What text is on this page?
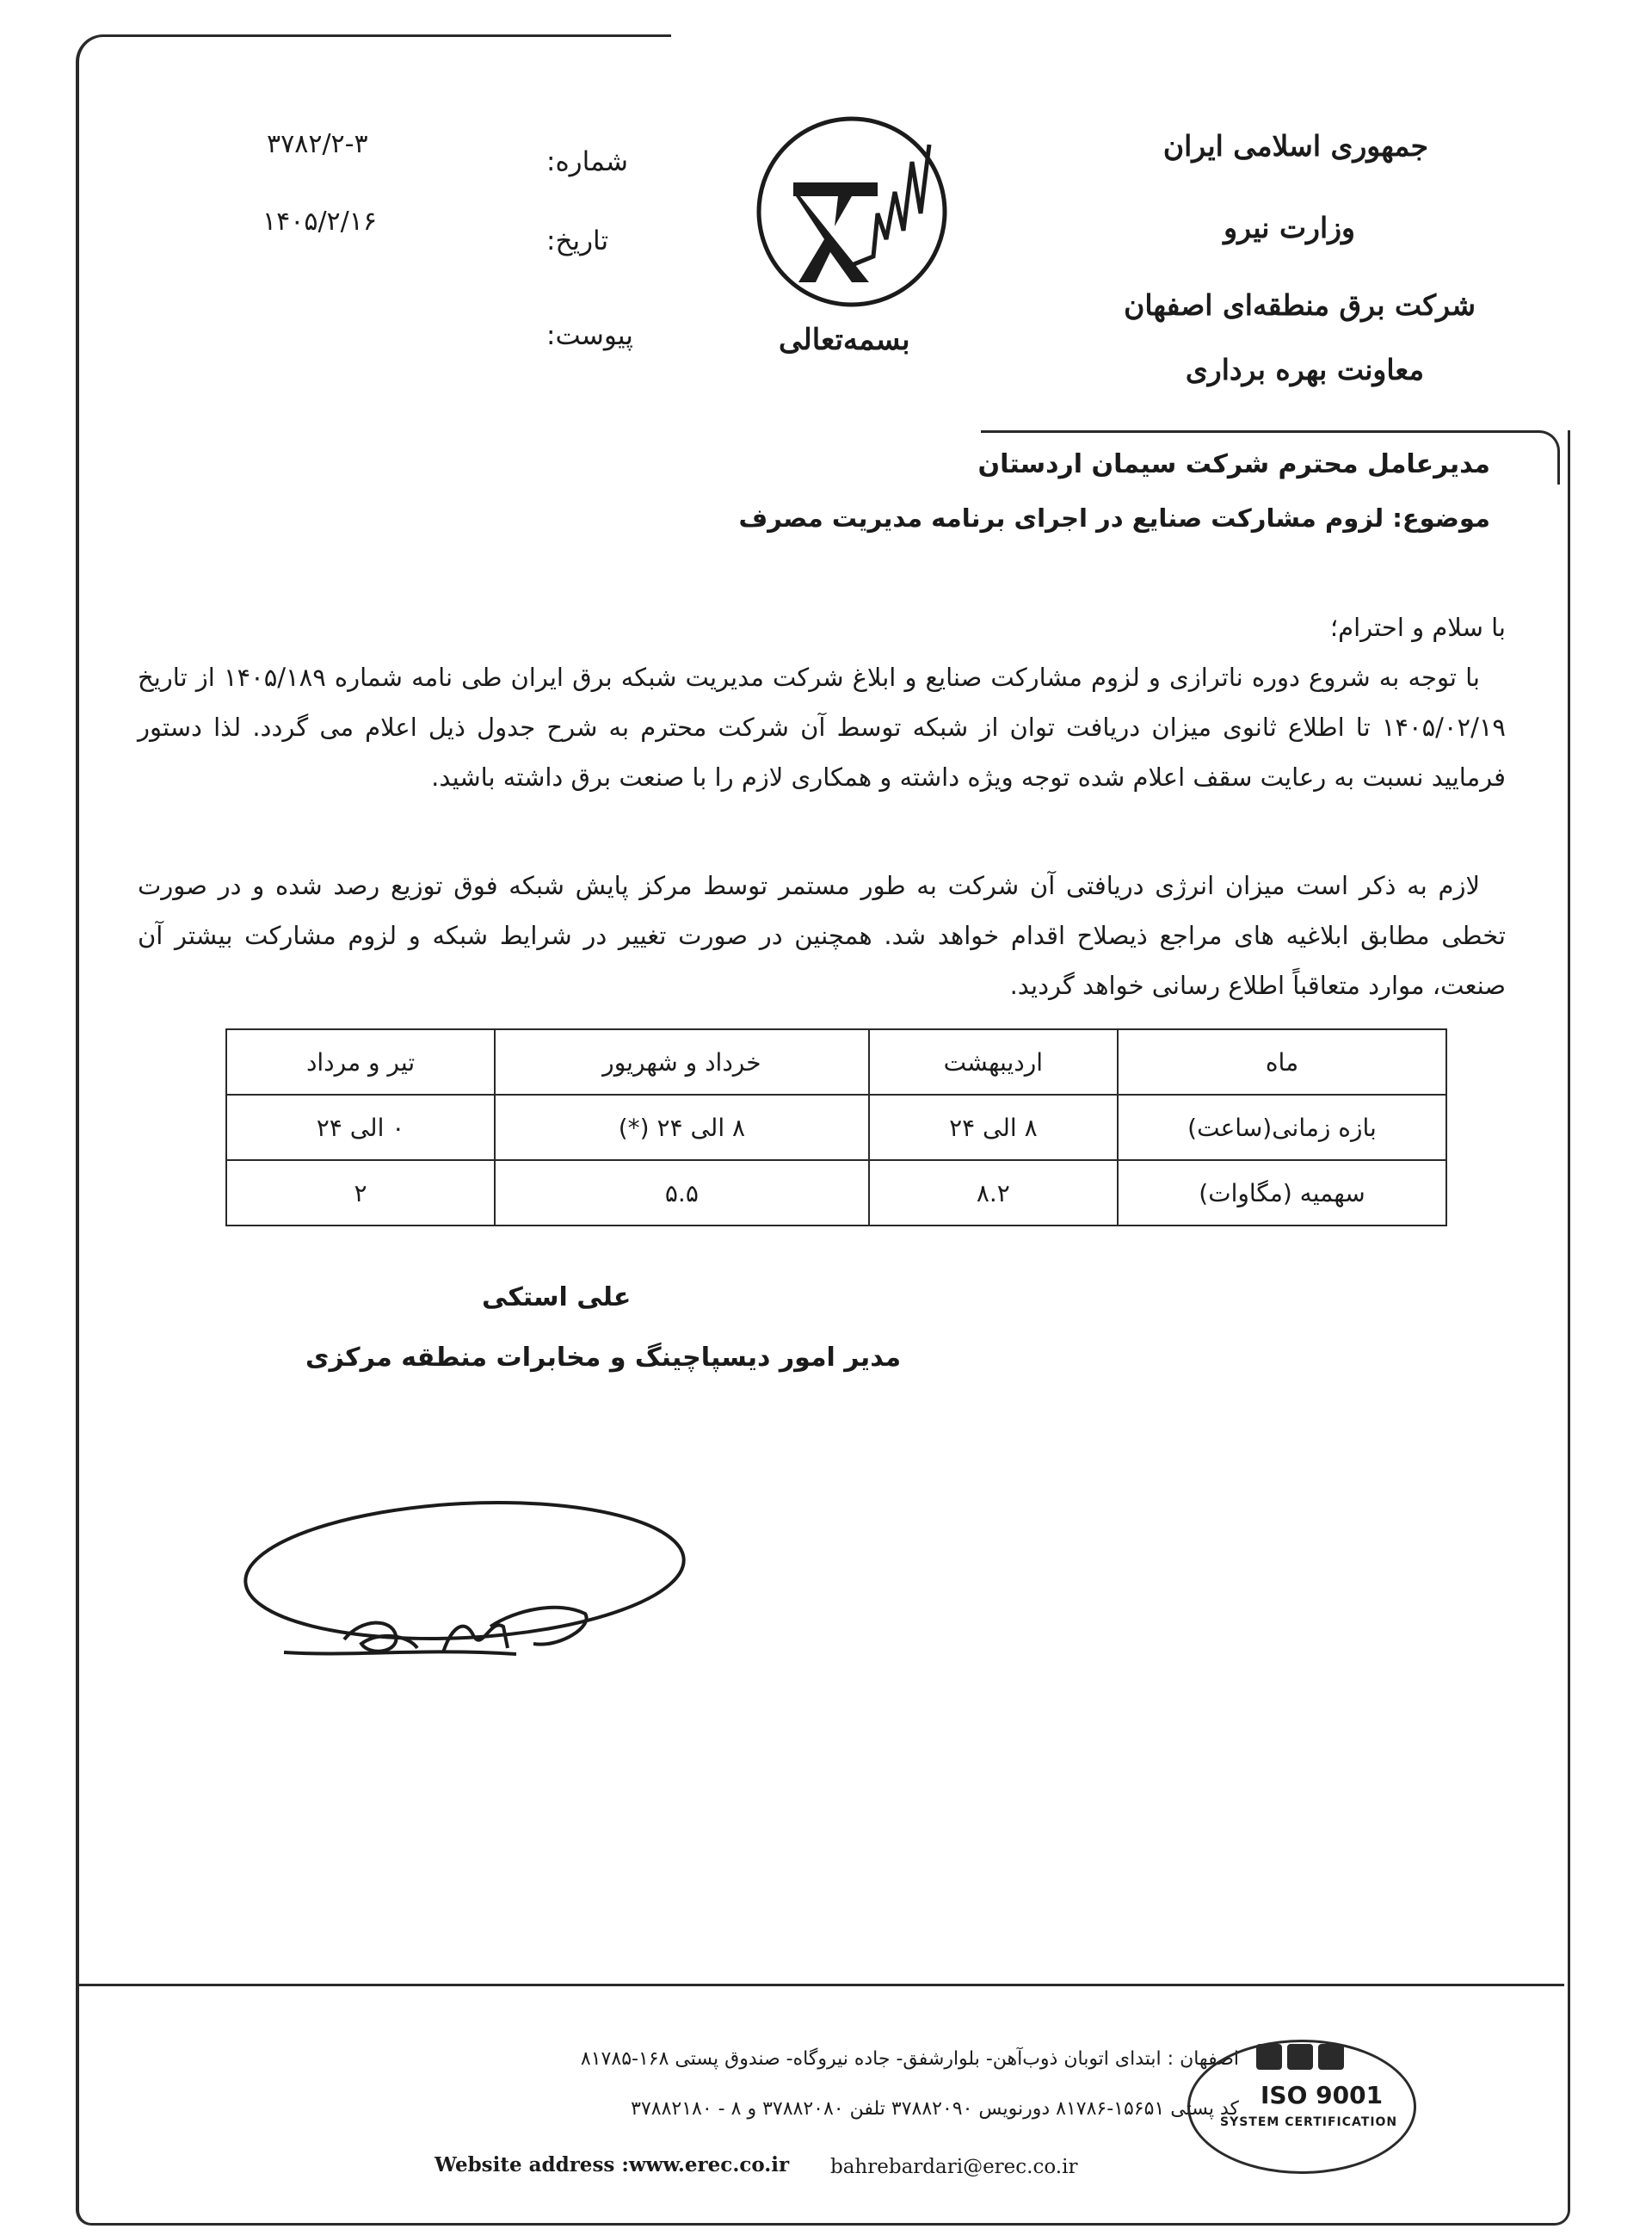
جمهوری اسلامی ایران
وزارت نیرو
شرکت برق منطقه‌ای اصفهان
معاونت بهره برداری
بسمه‌تعالی
شماره:
۳۷۸۲/۲-۳
تاریخ:
۱۴۰۵/۲/۱۶
پیوست:
مدیرعامل محترم شرکت سیمان اردستان
موضوع: لزوم مشارکت صنایع در اجرای برنامه مدیریت مصرف
با سلام و احترام؛
با توجه به شروع دوره ناترازی و لزوم مشارکت صنایع و ابلاغ شرکت مدیریت شبکه برق ایران طی نامه شماره ۱۴۰۵/۱۸۹ از تاریخ ۱۴۰۵/۰۲/۱۹ تا اطلاع ثانوی میزان دریافت توان از شبکه توسط آن شرکت محترم به شرح جدول ذیل اعلام می گردد. لذا دستور فرمایید نسبت به رعایت سقف اعلام شده توجه ویژه داشته و همکاری لازم را با صنعت برق داشته باشید.
لازم به ذکر است میزان انرژی دریافتی آن شرکت به طور مستمر توسط مرکز پایش شبکه فوق توزیع رصد شده و در صورت تخطی مطابق ابلاغیه های مراجع ذیصلاح اقدام خواهد شد. همچنین در صورت تغییر در شرایط شبکه و لزوم مشارکت بیشتر آن صنعت، موارد متعاقباً اطلاع رسانی خواهد گردید.
ماه	اردیبهشت	خرداد و شهریور	تیر و مرداد
بازه زمانی(ساعت)	۸ الی ۲۴	۸ الی ۲۴ (*)	۰ الی ۲۴
سهمیه (مگاوات)	۸.۲	۵.۵	۲
علی استکی
مدیر امور دیسپاچینگ و مخابرات منطقه مرکزی
اصفهان : ابتدای اتوبان ذوب‌آهن- بلوارشفق- جاده نیروگاه- صندوق پستی ۱۶۸-۸۱۷۸۵
کد پستی ۱۵۶۵۱-۸۱۷۸۶ دورنویس ۳۷۸۸۲۰۹۰ تلفن ۳۷۸۸۲۰۸۰ و ۸ - ۳۷۸۸۲۱۸۰
Website address :www.erec.co.ir bahrebardari@erec.co.ir
ISO 9001
SYSTEM CERTIFICATION
